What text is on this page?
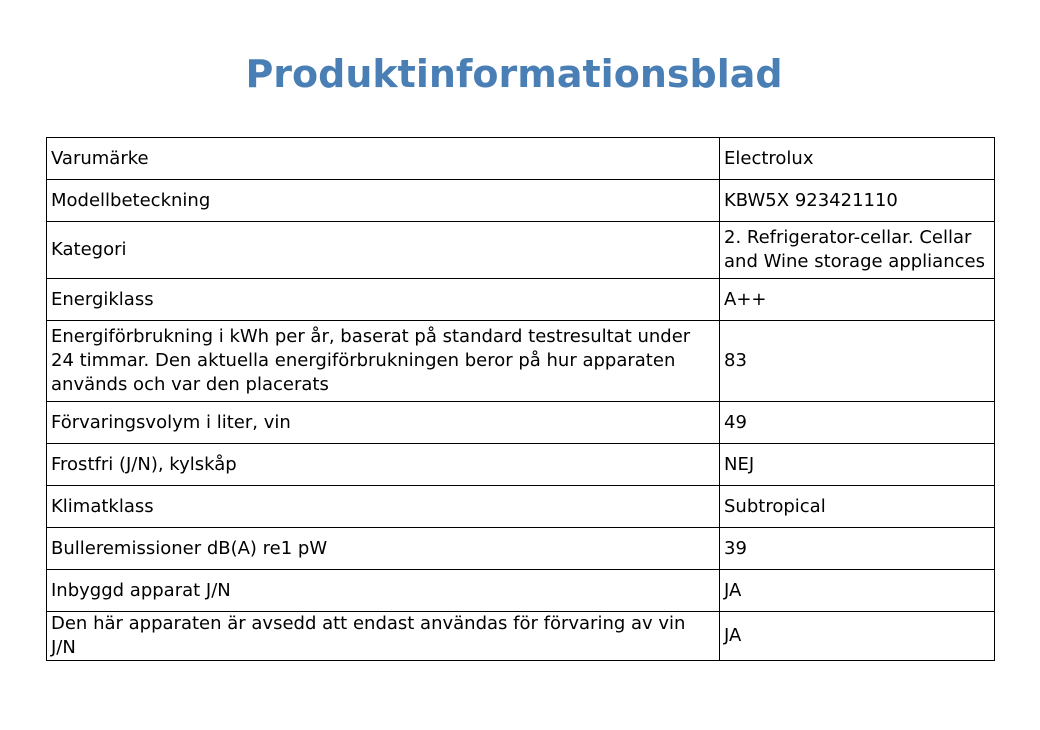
Produktinformationsblad
Varumärke	Electrolux
Modellbeteckning	KBW5X 923421110
Kategori	2. Refrigerator-cellar. Cellar and Wine storage appliances
Energiklass	A++
Energiförbrukning i kWh per år, baserat på standard testresultat under 24 timmar. Den aktuella energiförbrukningen beror på hur apparaten används och var den placerats	83
Förvaringsvolym i liter, vin	49
Frostfri (J/N), kylskåp	NEJ
Klimatklass	Subtropical
Bulleremissioner dB(A) re1 pW	39
Inbyggd apparat J/N	JA
Den här apparaten är avsedd att endast användas för förvaring av vin J/N	JA
